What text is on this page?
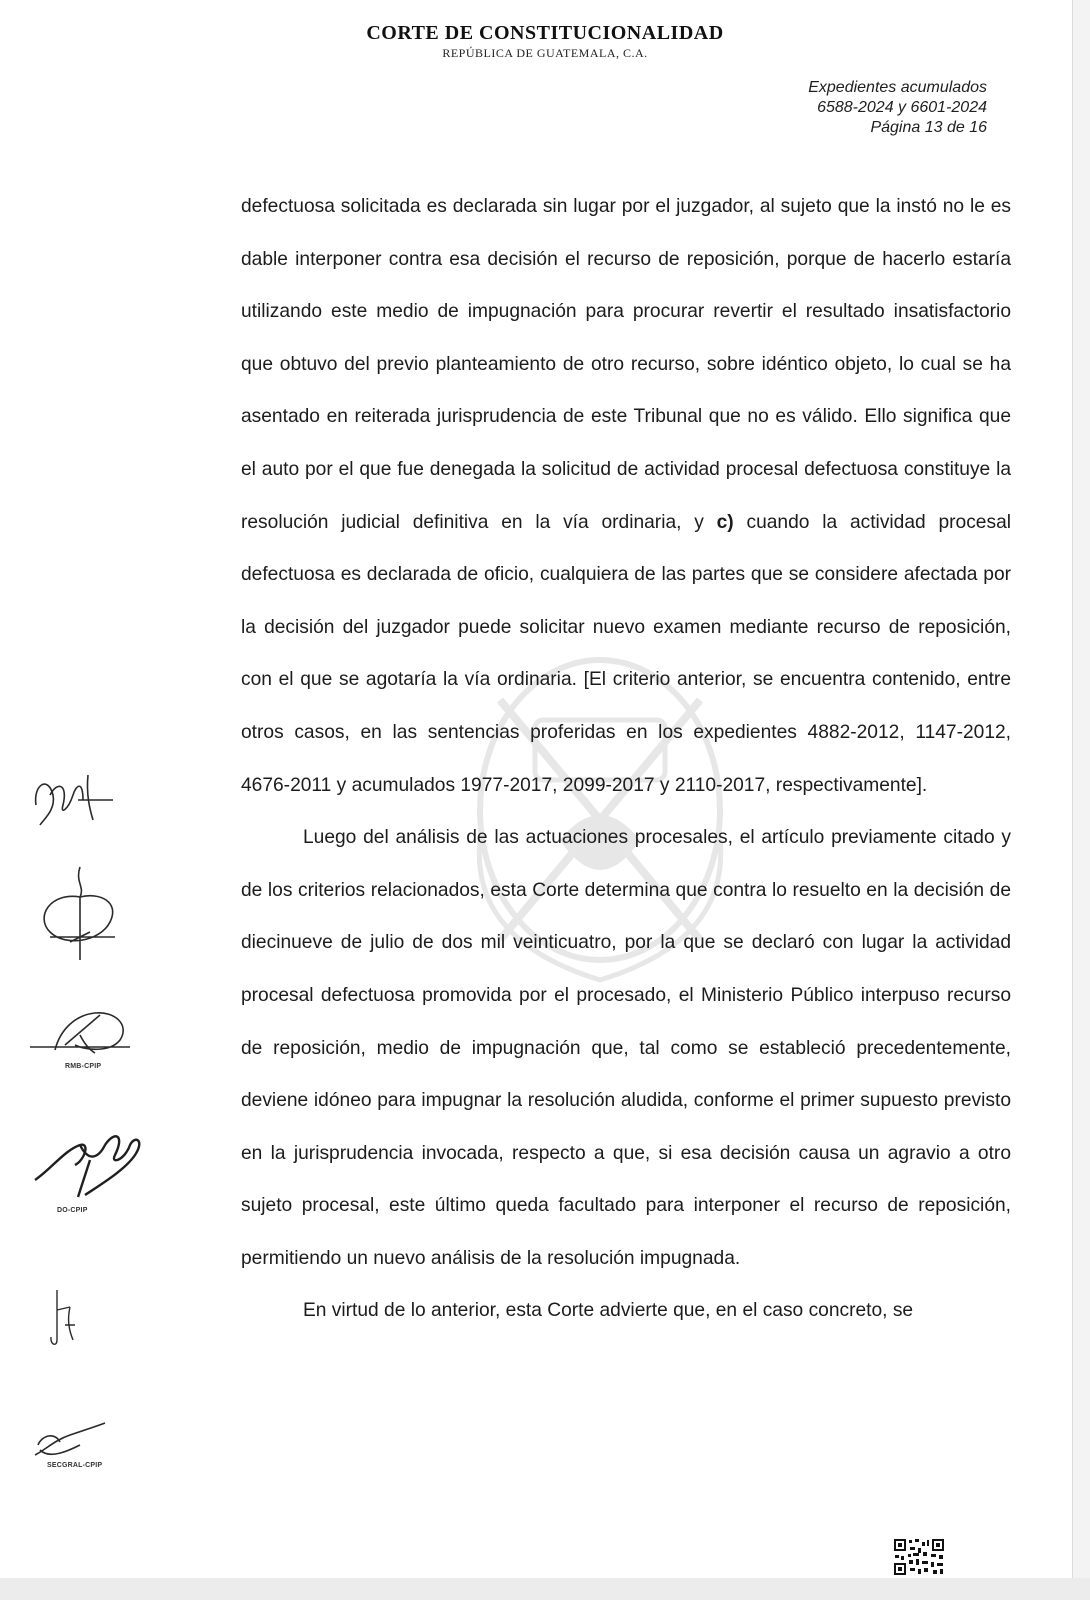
CORTE DE CONSTITUCIONALIDAD
REPÚBLICA DE GUATEMALA, C.A.
Expedientes acumulados
6588-2024 y 6601-2024
Página 13 de 16

defectuosa solicitada es declarada sin lugar por el juzgador, al sujeto que la instó no le es dable interponer contra esa decisión el recurso de reposición, porque de hacerlo estaría utilizando este medio de impugnación para procurar revertir el resultado insatisfactorio que obtuvo del previo planteamiento de otro recurso, sobre idéntico objeto, lo cual se ha asentado en reiterada jurisprudencia de este Tribunal que no es válido. Ello significa que el auto por el que fue denegada la solicitud de actividad procesal defectuosa constituye la resolución judicial definitiva en la vía ordinaria, y c) cuando la actividad procesal defectuosa es declarada de oficio, cualquiera de las partes que se considere afectada por la decisión del juzgador puede solicitar nuevo examen mediante recurso de reposición, con el que se agotaría la vía ordinaria. [El criterio anterior, se encuentra contenido, entre otros casos, en las sentencias proferidas en los expedientes 4882-2012, 1147-2012, 4676-2011 y acumulados 1977-2017, 2099-2017 y 2110-2017, respectivamente].

Luego del análisis de las actuaciones procesales, el artículo previamente citado y de los criterios relacionados, esta Corte determina que contra lo resuelto en la decisión de diecinueve de julio de dos mil veinticuatro, por la que se declaró con lugar la actividad procesal defectuosa promovida por el procesado, el Ministerio Público interpuso recurso de reposición, medio de impugnación que, tal como se estableció precedentemente, deviene idóneo para impugnar la resolución aludida, conforme el primer supuesto previsto en la jurisprudencia invocada, respecto a que, si esa decisión causa un agravio a otro sujeto procesal, este último queda facultado para interponer el recurso de reposición, permitiendo un nuevo análisis de la resolución impugnada.

En virtud de lo anterior, esta Corte advierte que, en el caso concreto, se

RMB-CPIP
DO-CPIP
SECGRAL-CPIP
